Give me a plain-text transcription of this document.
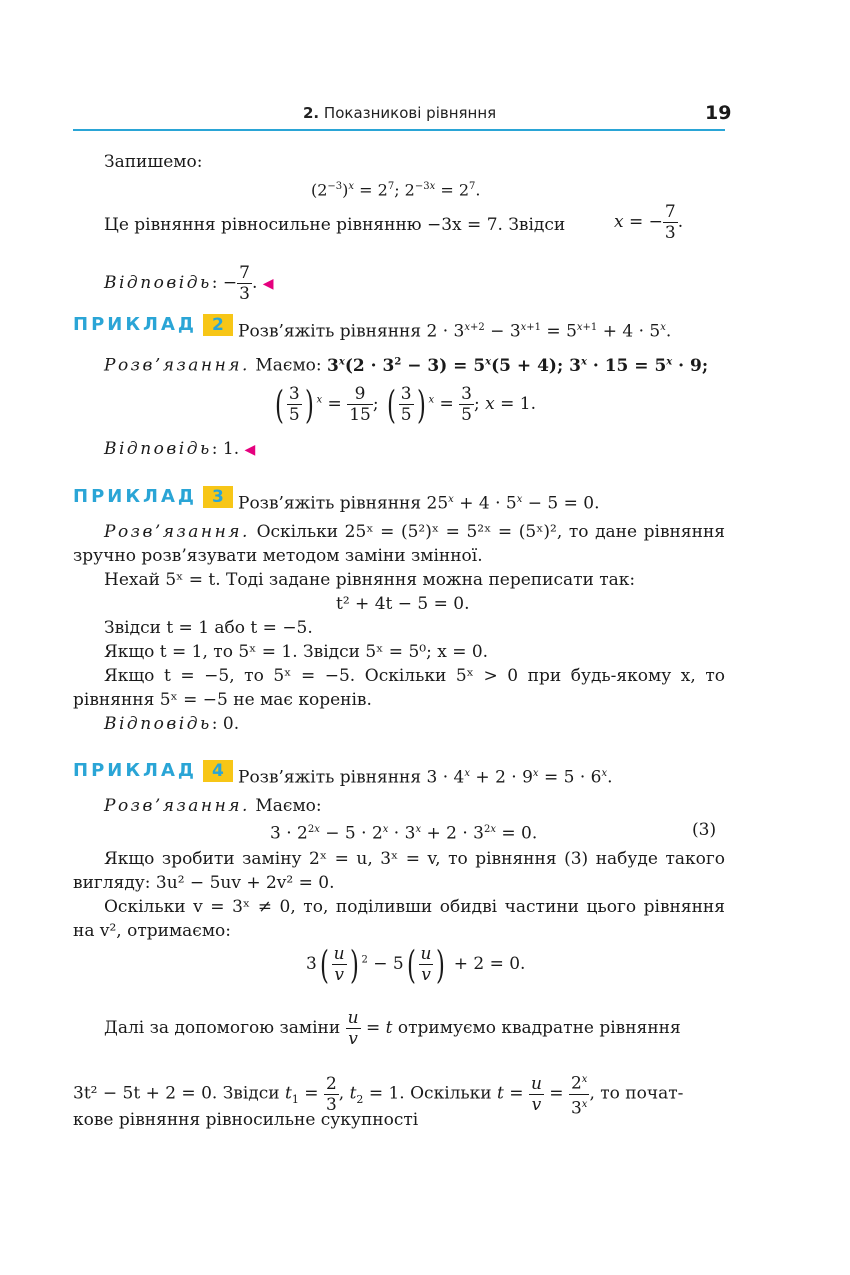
2. Показникові рівняння	19
Запишемо:
$(2^{-3})^x = 2^7$; $2^{-3x} = 2^7$.
Це рівняння рівносильне рівнянню −3x = 7. Звідси	x = − $\frac{7}{3}$ .
Відповідь: − $\frac{7}{3}$ . ◀
ПРИКЛАД 2 Розв’яжіть рівняння $2 \cdot 3^{x+2} - 3^{x+1} = 5^{x+1} + 4 \cdot 5^x$.
Розв’язання. Маємо: $3^x(2 \cdot 3^2 - 3) = 5^x(5 + 4)$; $3^x \cdot 15 = 5^x \cdot 9$;
( $\frac{3}{5}$ ) $^x = \frac{9}{15}$ ; ( $\frac{3}{5}$ ) $^x = \frac{3}{5}$ ; x = 1.
Відповідь: 1. ◀
ПРИКЛАД 3 Розв’яжіть рівняння $25^x + 4 \cdot 5^x - 5 = 0$.
Розв’язання. Оскільки 25ˣ = (5²)ˣ = 5²ˣ = (5ˣ)², то дане рівняння
зручно розв’язувати методом заміни змінної.
Нехай 5ˣ = t. Тоді задане рівняння можна переписати так:
t² + 4t − 5 = 0.
Звідси t = 1 або t = −5.
Якщо t = 1, то 5ˣ = 1. Звідси 5ˣ = 5⁰; x = 0.
Якщо t = −5, то 5ˣ = −5. Оскільки 5ˣ > 0 при будь-якому x, то
рівняння 5ˣ = −5 не має коренів.
Відповідь: 0.
ПРИКЛАД 4 Розв’яжіть рівняння $3 \cdot 4^x + 2 \cdot 9^x = 5 \cdot 6^x$.
Розв’язання. Маємо:
$3 \cdot 2^{2x} - 5 \cdot 2^x \cdot 3^x + 2 \cdot 3^{2x} = 0$.	(3)
Якщо зробити заміну 2ˣ = u, 3ˣ = v, то рівняння (3) набуде такого
вигляду: 3u² − 5uv + 2v² = 0.
Оскільки v = 3ˣ ≠ 0, то, поділивши обидві частини цього рівняння
на v², отримаємо:
$3( \frac{u}{v}$ ) $^2 - 5( \frac{u}{v}$ ) + 2 = 0.
Далі за допомогою заміни $\frac{u}{v} = t$ отримуємо квадратне рівняння
3t² − 5t + 2 = 0. Звідси $t_1 = \frac{2}{3}$ , $t_2 = 1$. Оскільки $t = \frac{u}{v} = \frac{2^x}{3^x}$ , то почат-
кове рівняння рівносильне сукупності
